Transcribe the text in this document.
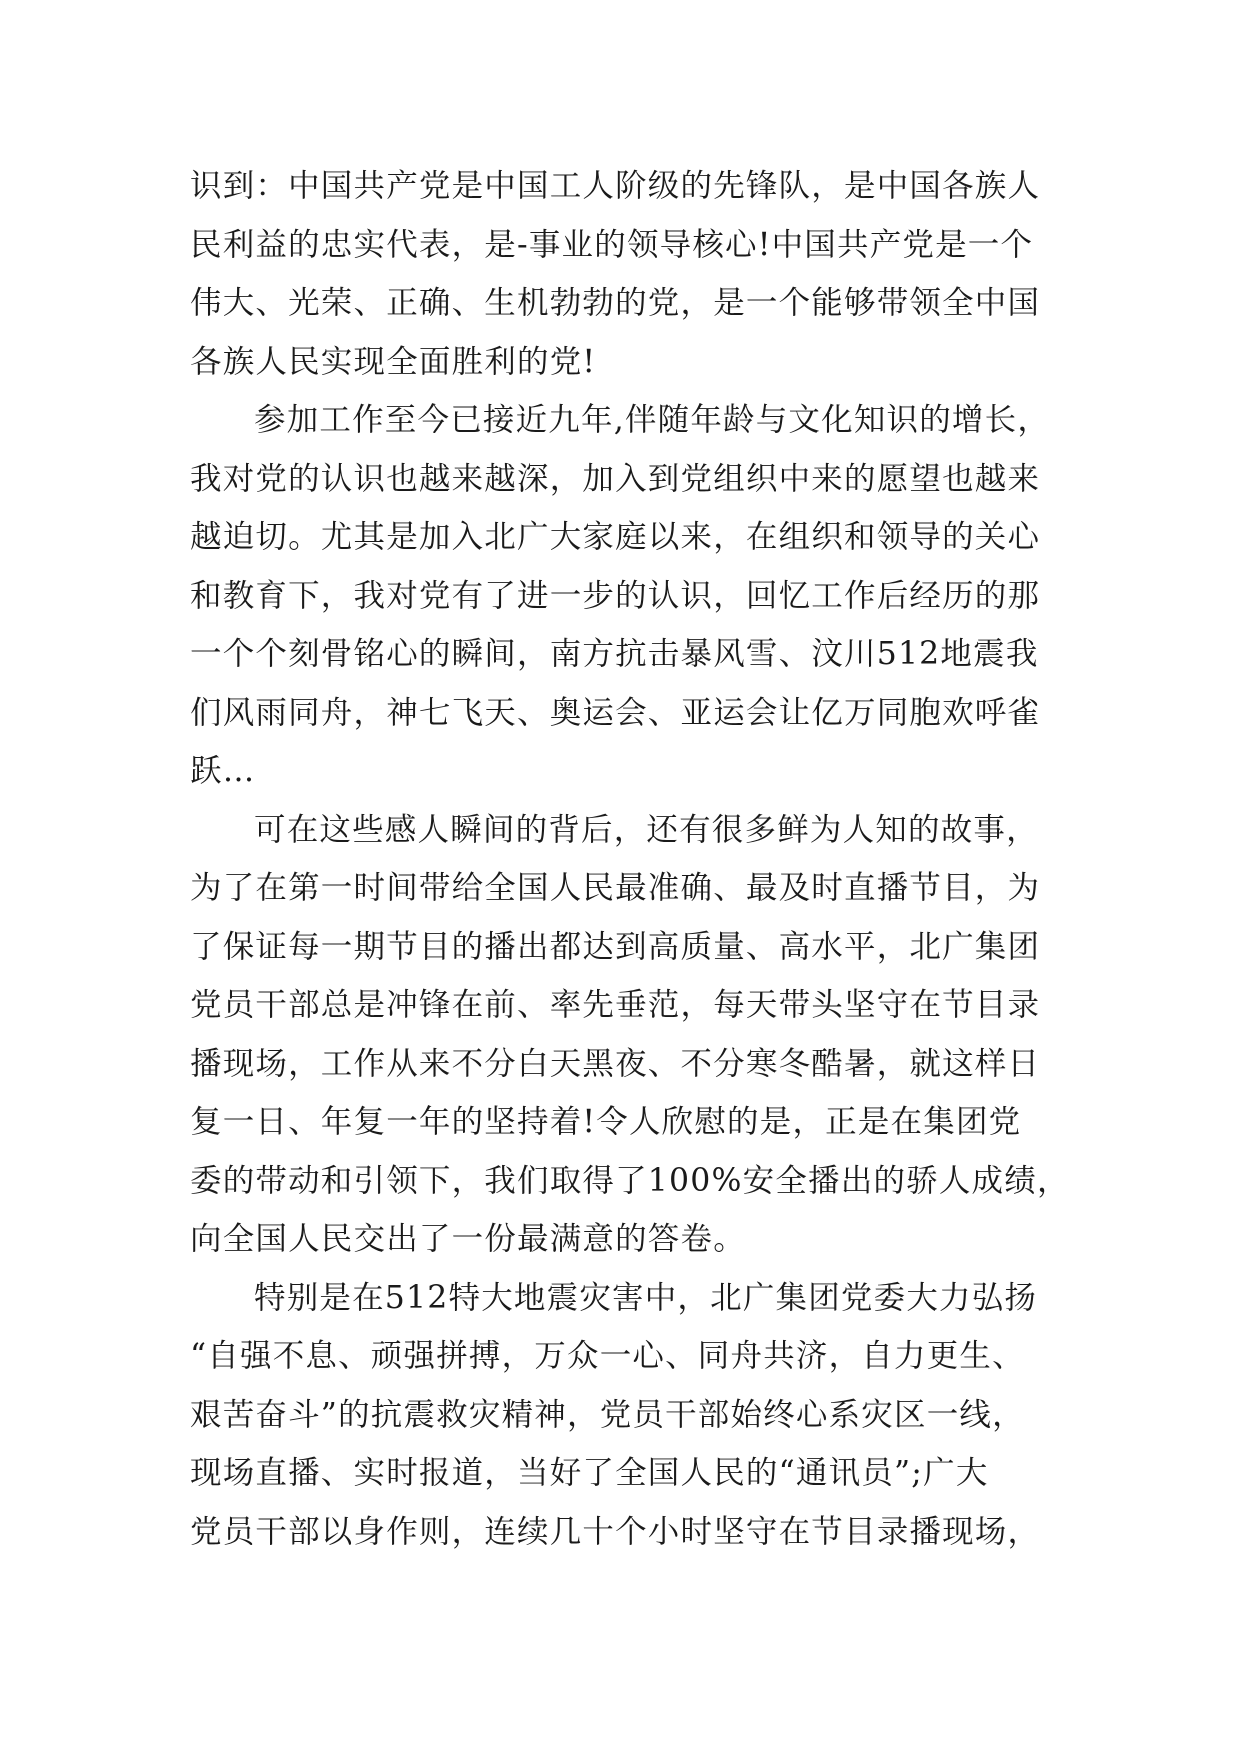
识到：中国共产党是中国工人阶级的先锋队，是中国各族人
民利益的忠实代表，是-事业的领导核心!中国共产党是一个
伟大、光荣、正确、生机勃勃的党，是一个能够带领全中国
各族人民实现全面胜利的党!
参加工作至今已接近九年,伴随年龄与文化知识的增长，
我对党的认识也越来越深，加入到党组织中来的愿望也越来
越迫切。尤其是加入北广大家庭以来，在组织和领导的关心
和教育下，我对党有了进一步的认识，回忆工作后经历的那
一个个刻骨铭心的瞬间，南方抗击暴风雪、汶川512地震我
们风雨同舟，神七飞天、奥运会、亚运会让亿万同胞欢呼雀
跃…
可在这些感人瞬间的背后，还有很多鲜为人知的故事，
为了在第一时间带给全国人民最准确、最及时直播节目，为
了保证每一期节目的播出都达到高质量、高水平，北广集团
党员干部总是冲锋在前、率先垂范，每天带头坚守在节目录
播现场，工作从来不分白天黑夜、不分寒冬酷暑，就这样日
复一日、年复一年的坚持着!令人欣慰的是，正是在集团党
委的带动和引领下，我们取得了100%安全播出的骄人成绩，
向全国人民交出了一份最满意的答卷。
特别是在512特大地震灾害中，北广集团党委大力弘扬
“自强不息、顽强拼搏，万众一心、同舟共济，自力更生、
艰苦奋斗”的抗震救灾精神，党员干部始终心系灾区一线，
现场直播、实时报道，当好了全国人民的“通讯员”;广大
党员干部以身作则，连续几十个小时坚守在节目录播现场，
